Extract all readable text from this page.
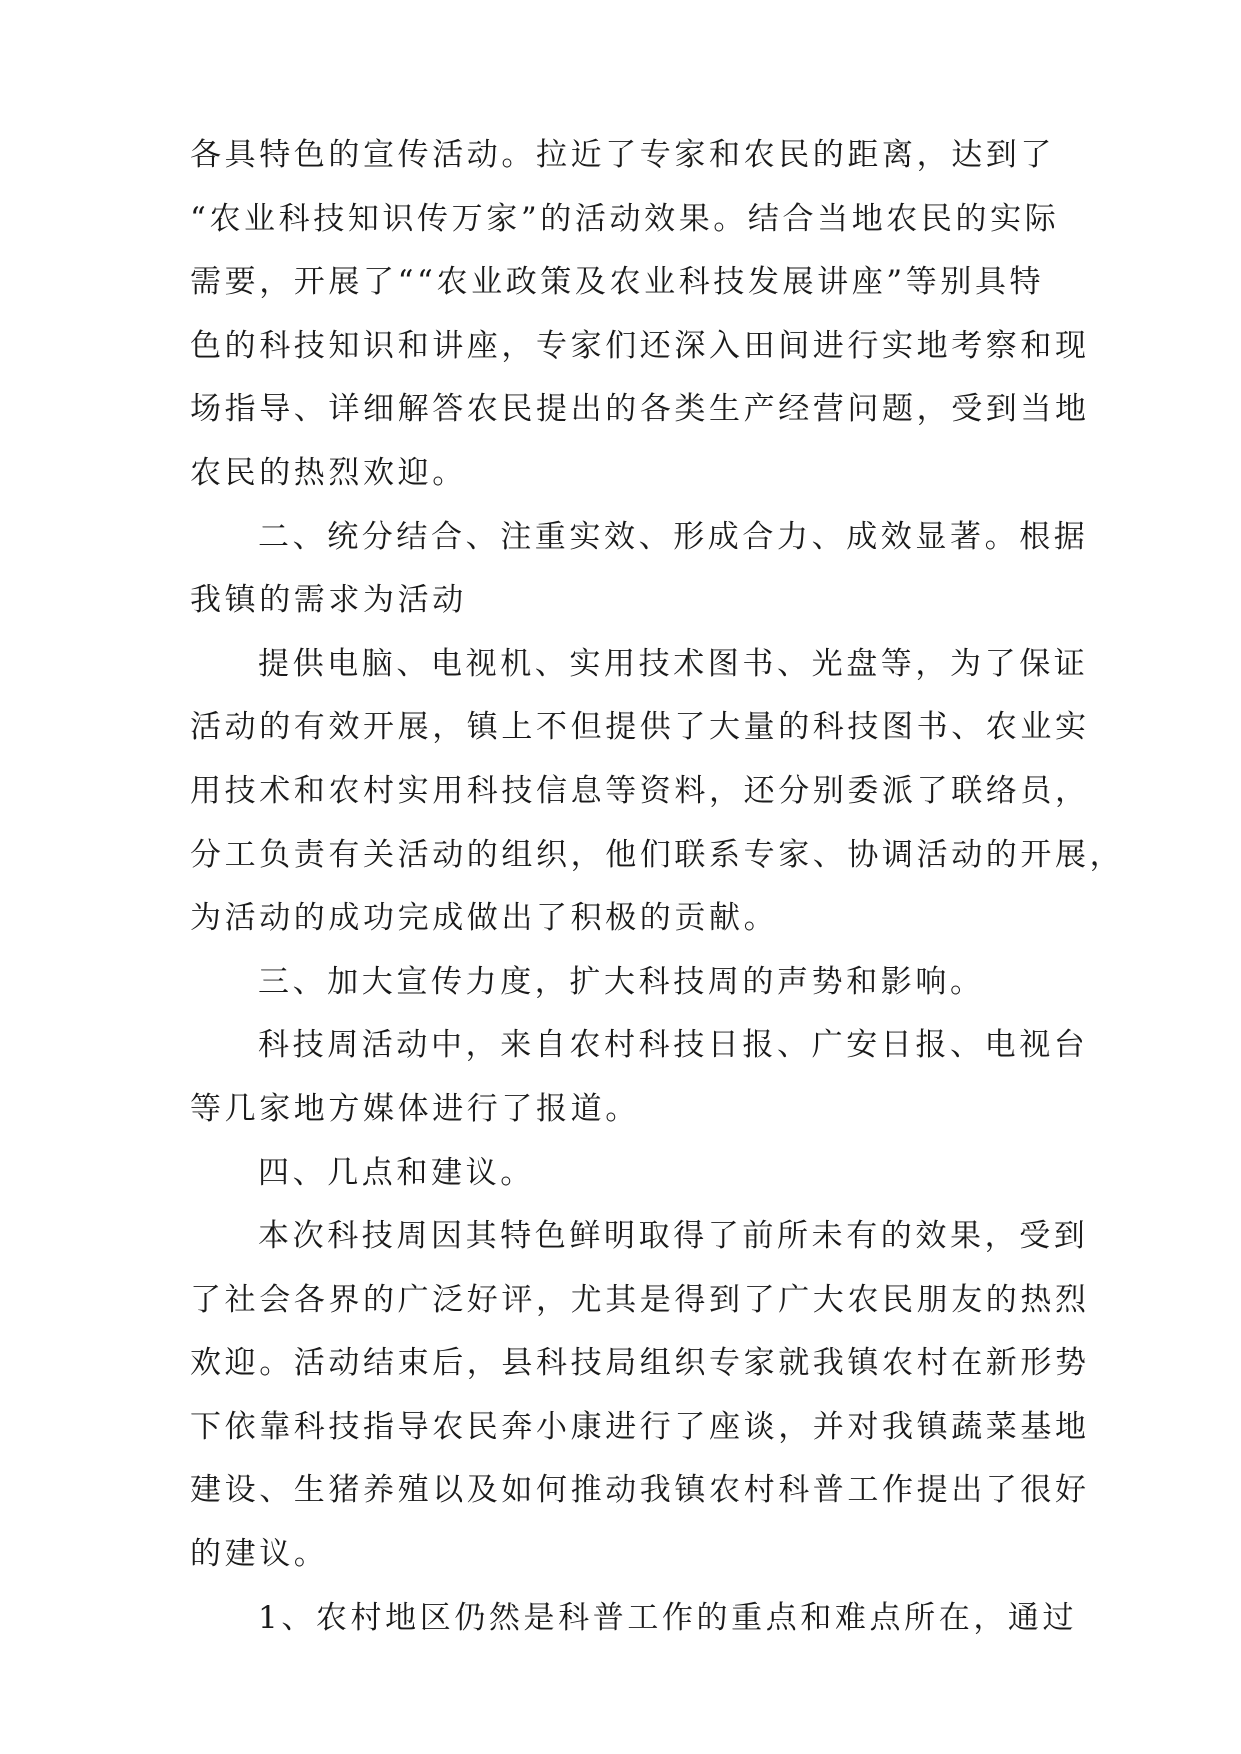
各具特色的宣传活动。拉近了专家和农民的距离，达到了
“农业科技知识传万家”的活动效果。结合当地农民的实际
需要，开展了““农业政策及农业科技发展讲座”等别具特
色的科技知识和讲座，专家们还深入田间进行实地考察和现
场指导、详细解答农民提出的各类生产经营问题，受到当地
农民的热烈欢迎。
二、统分结合、注重实效、形成合力、成效显著。根据
我镇的需求为活动
提供电脑、电视机、实用技术图书、光盘等，为了保证
活动的有效开展，镇上不但提供了大量的科技图书、农业实
用技术和农村实用科技信息等资料，还分别委派了联络员，
分工负责有关活动的组织，他们联系专家、协调活动的开展，
为活动的成功完成做出了积极的贡献。
三、加大宣传力度，扩大科技周的声势和影响。
科技周活动中，来自农村科技日报、广安日报、电视台
等几家地方媒体进行了报道。
四、几点和建议。
本次科技周因其特色鲜明取得了前所未有的效果，受到
了社会各界的广泛好评，尤其是得到了广大农民朋友的热烈
欢迎。活动结束后，县科技局组织专家就我镇农村在新形势
下依靠科技指导农民奔小康进行了座谈，并对我镇蔬菜基地
建设、生猪养殖以及如何推动我镇农村科普工作提出了很好
的建议。
1、农村地区仍然是科普工作的重点和难点所在，通过
